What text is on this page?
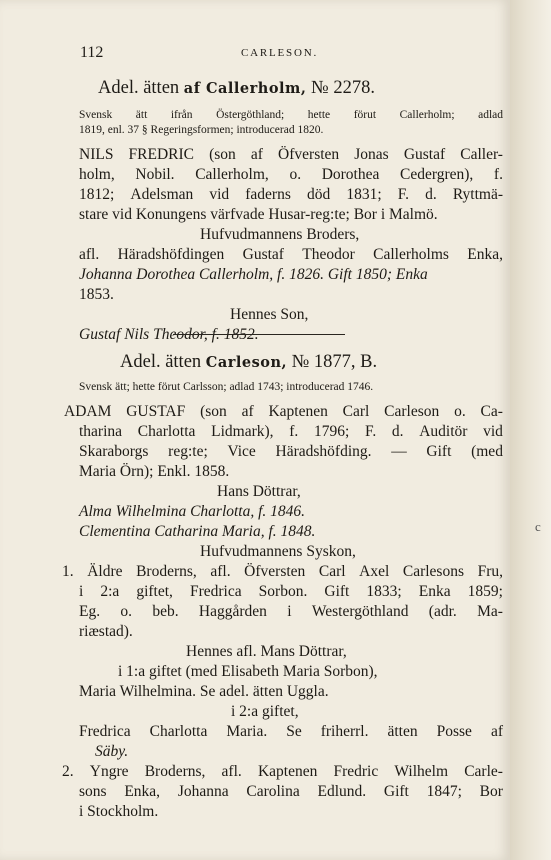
c
112	CARLESON.
Adel. ätten af Callerholm, № 2278.
Svensk ätt ifrån Östergöthland; hette förut Callerholm; adlad
1819, enl. 37 § Regeringsformen; introducerad 1820.
NILS FREDRIC (son af Öfversten Jonas Gustaf Caller-
holm, Nobil. Callerholm, o. Dorothea Cedergren), f.
1812; Adelsman vid faderns död 1831; F. d. Ryttmä-
stare vid Konungens värfvade Husar-reg:te; Bor i Malmö.
Hufvudmannens Broders,
afl. Häradshöfdingen Gustaf Theodor Callerholms Enka,
Johanna Dorothea Callerholm, f. 1826. Gift 1850; Enka
1853.
Hennes Son,
Gustaf Nils Theodor, f. 1852.
Adel. ätten Carleson, № 1877, B.
Svensk ätt; hette förut Carlsson; adlad 1743; introducerad 1746.
ADAM GUSTAF (son af Kaptenen Carl Carleson o. Ca-
tharina Charlotta Lidmark), f. 1796; F. d. Auditör vid
Skaraborgs reg:te; Vice Häradshöfding. — Gift (med
Maria Örn); Enkl. 1858.
Hans Döttrar,
Alma Wilhelmina Charlotta, f. 1846.
Clementina Catharina Maria, f. 1848.
Hufvudmannens Syskon,
1. Äldre Broderns, afl. Öfversten Carl Axel Carlesons Fru,
i 2:a giftet, Fredrica Sorbon. Gift 1833; Enka 1859;
Eg. o. beb. Haggården i Westergöthland (adr. Ma-
riæstad).
Hennes afl. Mans Döttrar,
i 1:a giftet (med Elisabeth Maria Sorbon),
Maria Wilhelmina. Se adel. ätten Uggla.
i 2:a giftet,
Fredrica Charlotta Maria. Se friherrl. ätten Posse af
Säby.
2. Yngre Broderns, afl. Kaptenen Fredric Wilhelm Carle-
sons Enka, Johanna Carolina Edlund. Gift 1847; Bor
i Stockholm.
